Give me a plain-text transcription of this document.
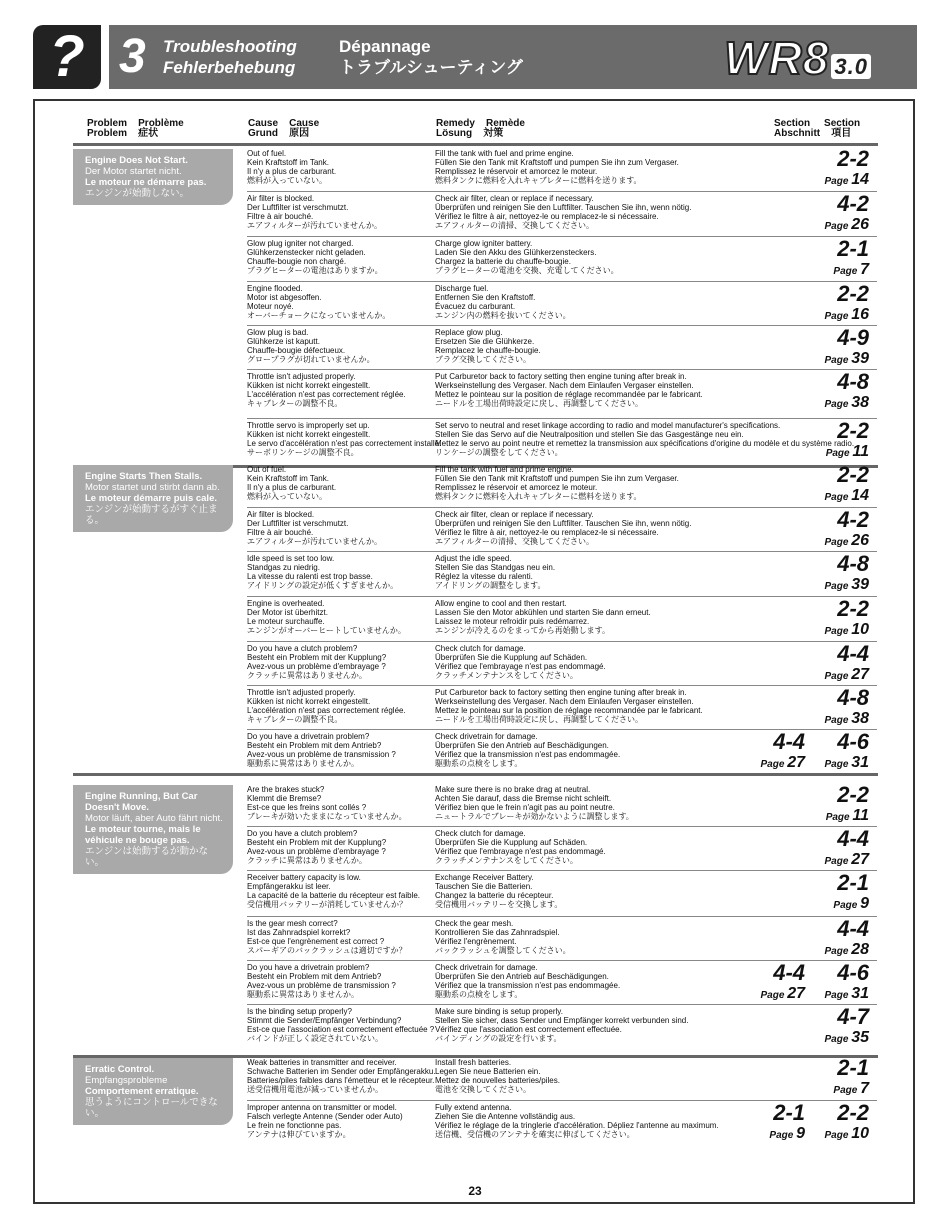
? 3 Troubleshooting
Fehlerbehebung
Dépannage
トラブルシューティング	WR8 3.0
Problem Problème
Problem 症状
Cause Cause
Grund 原因
Remedy Remède
Lösung 対策
Section Section
Abschnitt 項目
Engine Does Not Start.
Der Motor startet nicht.
Le moteur ne démarre pas.
エンジンが始動しない。
Out of fuel.
Kein Kraftstoff im Tank.
Il n'y a plus de carburant.
燃料が入っていない。
Fill the tank with fuel and prime engine.
Füllen Sie den Tank mit Kraftstoff und pumpen Sie ihn zum Vergaser.
Remplissez le réservoir et amorcez le moteur.
燃料タンクに燃料を入れキャブレターに燃料を送ります。
2-2
Page 14
Air filter is blocked.
Der Luftfilter ist verschmutzt.
Filtre à air bouché.
エアフィルターが汚れていませんか。
Check air filter, clean or replace if necessary.
Überprüfen und reinigen Sie den Luftfilter. Tauschen Sie ihn, wenn nötig.
Vérifiez le filtre à air, nettoyez-le ou remplacez-le si nécessaire.
エアフィルターの清掃、交換してください。
4-2
Page 26
Glow plug igniter not charged.
Glühkerzenstecker nicht geladen.
Chauffe-bougie non chargé.
プラグヒーターの電池はありますか。
Charge glow igniter battery.
Laden Sie den Akku des Glühkerzensteckers.
Chargez la batterie du chauffe-bougie.
プラグヒーターの電池を交換、充電してください。
2-1
Page 7
Engine flooded.
Motor ist abgesoffen.
Moteur noyé.
オーバーチョークになっていませんか。
Discharge fuel.
Entfernen Sie den Kraftstoff.
Évacuez du carburant.
エンジン内の燃料を抜いてください。
2-2
Page 16
Glow plug is bad.
Glühkerze ist kaputt.
Chauffe-bougie défectueux.
グロープラグが切れていませんか。
Replace glow plug.
Ersetzen Sie die Glühkerze.
Remplacez le chauffe-bougie.
プラグ交換してください。
4-9
Page 39
Throttle isn't adjusted properly.
Kükken ist nicht korrekt eingestellt.
L'accélération n'est pas correctement réglée.
キャブレターの調整不良。
Put Carburetor back to factory setting then engine tuning after break in.
Werkseinstellung des Vergaser. Nach dem Einlaufen Vergaser einstellen.
Mettez le pointeau sur la position de réglage recommandée par le fabricant.
ニードルを工場出荷時設定に戻し、再調整してください。
4-8
Page 38
Throttle servo is improperly set up.
Kükken ist nicht korrekt eingestellt.
Le servo d'accélération n'est pas correctement installé.
サーボリンケージの調整不良。
Set servo to neutral and reset linkage according to radio and model manufacturer's specifications.
Stellen Sie das Servo auf die Neutralposition und stellen Sie das Gasgestänge neu ein.
Mettez le servo au point neutre et remettez la transmission aux spécifications d'origine du modèle et du système radio.
リンケージの調整をしてください。
2-2
Page 11
Engine Starts Then Stalls.
Motor startet und stirbt dann ab.
Le moteur démarre puis cale.
エンジンが始動するがすぐ止まる。
Out of fuel.
Kein Kraftstoff im Tank.
Il n'y a plus de carburant.
燃料が入っていない。
Fill the tank with fuel and prime engine.
Füllen Sie den Tank mit Kraftstoff und pumpen Sie ihn zum Vergaser.
Remplissez le réservoir et amorcez le moteur.
燃料タンクに燃料を入れキャブレターに燃料を送ります。
2-2
Page 14
Air filter is blocked.
Der Luftfilter ist verschmutzt.
Filtre à air bouché.
エアフィルターが汚れていませんか。
Check air filter, clean or replace if necessary.
Überprüfen und reinigen Sie den Luftfilter. Tauschen Sie ihn, wenn nötig.
Vérifiez le filtre à air, nettoyez-le ou remplacez-le si nécessaire.
エアフィルターの清掃、交換してください。
4-2
Page 26
Idle speed is set too low.
Standgas zu niedrig.
La vitesse du ralenti est trop basse.
アイドリングの設定が低くすぎませんか。
Adjust the idle speed.
Stellen Sie das Standgas neu ein.
Réglez la vitesse du ralenti.
アイドリングの調整をします。
4-8
Page 39
Engine is overheated.
Der Motor ist überhitzt.
Le moteur surchauffe.
エンジンがオーバーヒートしていませんか。
Allow engine to cool and then restart.
Lassen Sie den Motor abkühlen und starten Sie dann erneut.
Laissez le moteur refroidir puis redémarrez.
エンジンが冷えるのをまってから再始動します。
2-2
Page 10
Do you have a clutch problem?
Besteht ein Problem mit der Kupplung?
Avez-vous un problème d'embrayage ?
クラッチに異常はありませんか。
Check clutch for damage.
Überprüfen Sie die Kupplung auf Schäden.
Vérifiez que l'embrayage n'est pas endommagé.
クラッチメンテナンスをしてください。
4-4
Page 27
Throttle isn't adjusted properly.
Kükken ist nicht korrekt eingestellt.
L'accélération n'est pas correctement réglée.
キャブレターの調整不良。
Put Carburetor back to factory setting then engine tuning after break in.
Werkseinstellung des Vergaser. Nach dem Einlaufen Vergaser einstellen.
Mettez le pointeau sur la position de réglage recommandée par le fabricant.
ニードルを工場出荷時設定に戻し、再調整してください。
4-8
Page 38
Do you have a drivetrain problem?
Besteht ein Problem mit dem Antrieb?
Avez-vous un problème de transmission ?
駆動系に異常はありませんか。
Check drivetrain for damage.
Überprüfen Sie den Antrieb auf Beschädigungen.
Vérifiez que la transmission n'est pas endommagée.
駆動系の点検をします。
4-4
Page 27
4-6
Page 31
Engine Running, But Car Doesn't Move.
Motor läuft, aber Auto fährt nicht.
Le moteur tourne, mais le véhicule ne bouge pas.
エンジンは始動するが動かない。
Are the brakes stuck?
Klemmt die Bremse?
Est-ce que les freins sont collés ?
ブレーキが効いたままになっていませんか。
Make sure there is no brake drag at neutral.
Achten Sie darauf, dass die Bremse nicht schleift.
Vérifiez bien que le frein n'agit pas au point neutre.
ニュートラルでブレーキが効かないように調整します。
2-2
Page 11
Do you have a clutch problem?
Besteht ein Problem mit der Kupplung?
Avez-vous un problème d'embrayage ?
クラッチに異常はありませんか。
Check clutch for damage.
Überprüfen Sie die Kupplung auf Schäden.
Vérifiez que l'embrayage n'est pas endommagé.
クラッチメンテナンスをしてください。
4-4
Page 27
Receiver battery capacity is low.
Empfängerakku ist leer.
La capacité de la batterie du récepteur est faible.
受信機用バッテリーが消耗していませんか？
Exchange Receiver Battery.
Tauschen Sie die Batterien.
Changez la batterie du récepteur.
受信機用バッテリーを交換します。
2-1
Page 9
Is the gear mesh correct?
Ist das Zahnradspiel korrekt?
Est-ce que l'engrènement est correct ?
スパーギアのバックラッシュは適切ですか？
Check the gear mesh.
Kontrollieren Sie das Zahnradspiel.
Vérifiez l'engrènement.
バックラッシュを調整してください。
4-4
Page 28
Do you have a drivetrain problem?
Besteht ein Problem mit dem Antrieb?
Avez-vous un problème de transmission ?
駆動系に異常はありませんか。
Check drivetrain for damage.
Überprüfen Sie den Antrieb auf Beschädigungen.
Vérifiez que la transmission n'est pas endommagée.
駆動系の点検をします。
4-4
Page 27
4-6
Page 31
Is the binding setup properly?
Stimmt die Sender/Empfänger Verbindung?
Est-ce que l'association est correctement effectuée ?
バインドが正しく設定されていない。
Make sure binding is setup properly.
Stellen Sie sicher, dass Sender und Empfänger korrekt verbunden sind.
Vérifiez que l'association est correctement effectuée.
バインディングの設定を行います。
4-7
Page 35
Erratic Control.
Empfangsprobleme
Comportement erratique.
思うようにコントロールできない。
Weak batteries in transmitter and receiver.
Schwache Batterien im Sender oder Empfängerakku.
Batteries/piles faibles dans l'émetteur et le récepteur.
送受信機用電池が減っていませんか。
Install fresh batteries.
Legen Sie neue Batterien ein.
Mettez de nouvelles batteries/piles.
電池を交換してください。
2-1
Page 7
Improper antenna on transmitter or model.
Falsch verlegte Antenne (Sender oder Auto)
Le frein ne fonctionne pas.
アンテナは伸びていますか。
Fully extend antenna.
Ziehen Sie die Antenne vollständig aus.
Vérifiez le réglage de la tringlerie d'accélération. Dépliez l'antenne au maximum.
送信機、受信機のアンテナを確実に伸ばしてください。
2-1
Page 9
2-2
Page 10
23
